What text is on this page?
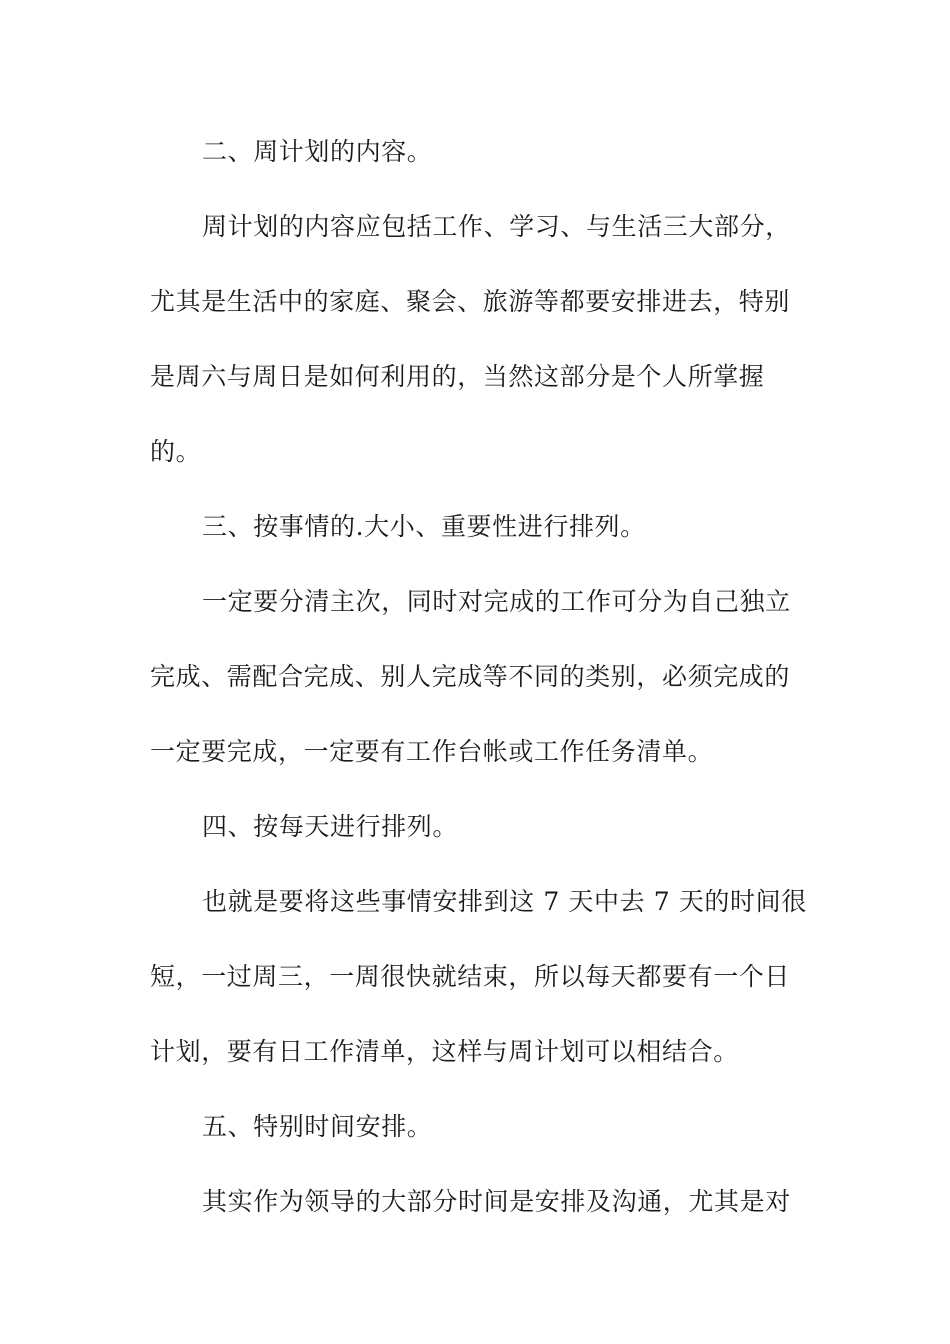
二、周计划的内容。
周计划的内容应包括工作、学习、与生活三大部分，
尤其是生活中的家庭、聚会、旅游等都要安排进去，特别
是周六与周日是如何利用的，当然这部分是个人所掌握
的。
三、按事情的.大小、重要性进行排列。
一定要分清主次，同时对完成的工作可分为自己独立
完成、需配合完成、别人完成等不同的类别，必须完成的
一定要完成，一定要有工作台帐或工作任务清单。
四、按每天进行排列。
也就是要将这些事情安排到这 7 天中去 7 天的时间很
短，一过周三，一周很快就结束，所以每天都要有一个日
计划，要有日工作清单，这样与周计划可以相结合。
五、特别时间安排。
其实作为领导的大部分时间是安排及沟通，尤其是对
